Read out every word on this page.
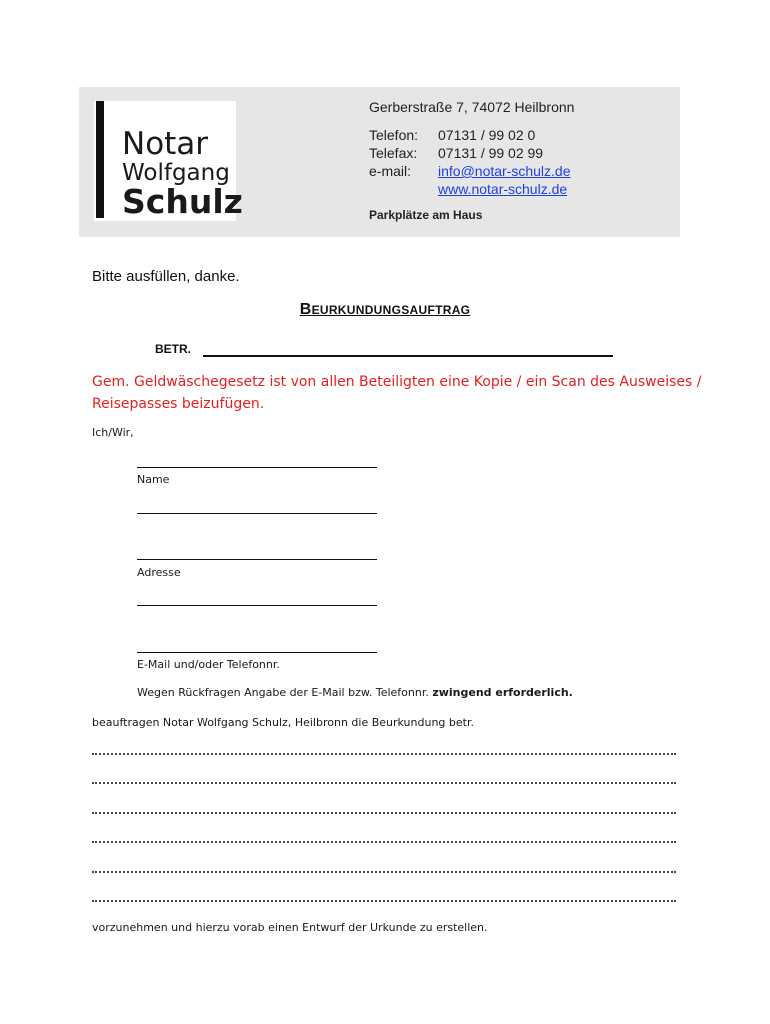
Notar
Wolfgang
Schulz
Gerberstraße 7, 74072 Heilbronn
Telefon: 07131 / 99 02 0
Telefax: 07131 / 99 02 99
e-mail: info@notar-schulz.de
www.notar-schulz.de
Parkplätze am Haus
Bitte ausfüllen, danke.
BEURKUNDUNGSAUFTRAG
BETR.
Gem. Geldwäschegesetz ist von allen Beteiligten eine Kopie / ein Scan des Ausweises /
Reisepasses beizufügen.
Ich/Wir,
Name
Adresse
E-Mail und/oder Telefonnr.
Wegen Rückfragen Angabe der E-Mail bzw. Telefonnr. zwingend erforderlich.
beauftragen Notar Wolfgang Schulz, Heilbronn die Beurkundung betr.
vorzunehmen und hierzu vorab einen Entwurf der Urkunde zu erstellen.
